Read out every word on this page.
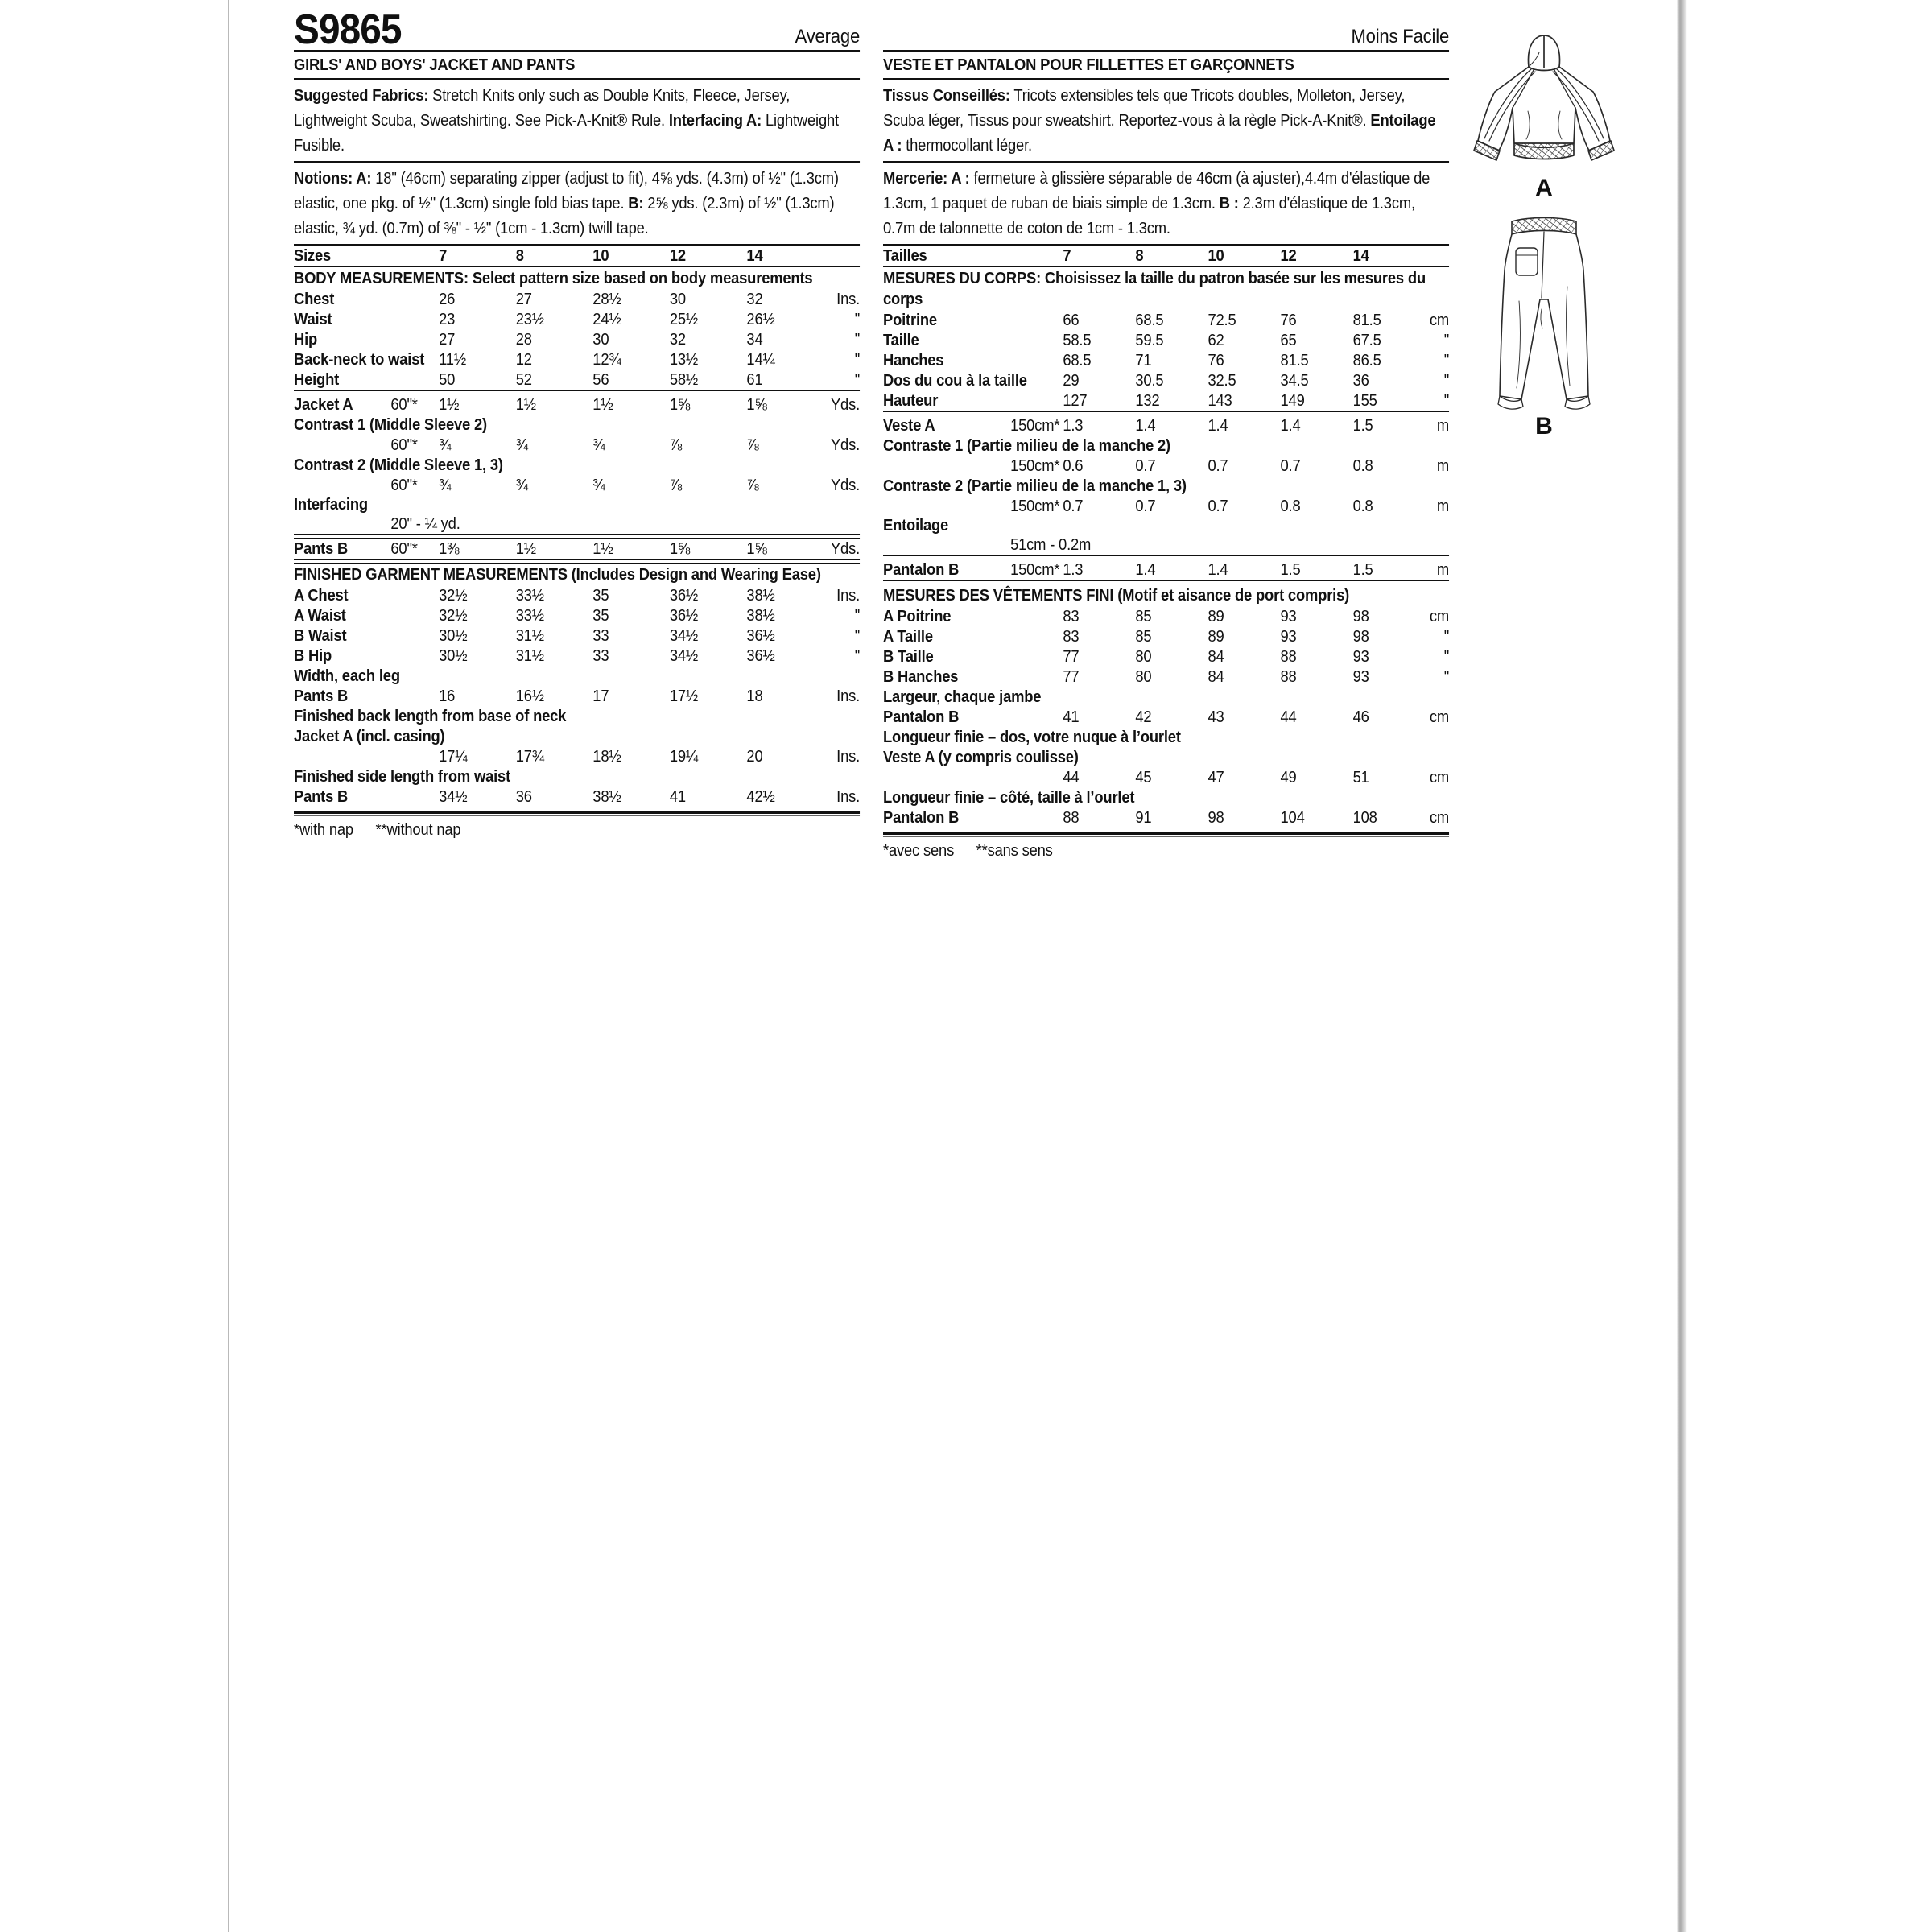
S9865	Average
GIRLS' AND BOYS' JACKET AND PANTS
Suggested Fabrics: Stretch Knits only such as Double Knits, Fleece, Jersey, Lightweight Scuba, Sweatshirting. See Pick-A-Knit® Rule. Interfacing A: Lightweight Fusible.
Notions: A: 18" (46cm) separating zipper (adjust to fit), 4⅝ yds. (4.3m) of ½" (1.3cm) elastic, one pkg. of ½" (1.3cm) single fold bias tape. B: 2⅝ yds. (2.3m) of ½" (1.3cm) elastic, ¾ yd. (0.7m) of ⅜" - ½" (1cm - 1.3cm) twill tape.
Sizes	7	8	10	12	14
BODY MEASUREMENTS: Select pattern size based on body measurements
Chest	26	27	28½	30	32	Ins.
Waist	23	23½	24½	25½	26½	"
Hip	27	28	30	32	34	"
Back-neck to waist 11½	12	12¾	13½	14¼	"
Height	50	52	56	58½	61	"
Jacket A	60"*	1½	1½	1½	1⅝	1⅝	Yds.
Contrast 1 (Middle Sleeve 2)
60"*	¾	¾	¾	⅞	⅞	Yds.
Contrast 2 (Middle Sleeve 1, 3)
60"*	¾	¾	¾	⅞	⅞	Yds.
Interfacing
20" - ¼ yd.
Pants B	60"*	1⅜	1½	1½	1⅝	1⅝	Yds.
FINISHED GARMENT MEASUREMENTS (Includes Design and Wearing Ease)
A Chest	32½	33½	35	36½	38½	Ins.
A Waist	32½	33½	35	36½	38½	"
B Waist	30½	31½	33	34½	36½	"
B Hip	30½	31½	33	34½	36½	"
Width, each leg
Pants B	16	16½	17	17½	18	Ins.
Finished back length from base of neck
Jacket A (incl. casing)
17¼	17¾	18½	19¼	20	Ins.
Finished side length from waist
Pants B	34½	36	38½	41	42½	Ins.
*with nap **without nap
Moins Facile
VESTE ET PANTALON POUR FILLETTES ET GARÇONNETS
Tissus Conseillés: Tricots extensibles tels que Tricots doubles, Molleton, Jersey, Scuba léger, Tissus pour sweatshirt. Reportez-vous à la règle Pick-A-Knit®. Entoilage A : thermocollant léger.
Mercerie: A : fermeture à glissière séparable de 46cm (à ajuster),4.4m d'élastique de 1.3cm, 1 paquet de ruban de biais simple de 1.3cm. B : 2.3m d'élastique de 1.3cm, 0.7m de talonnette de coton de 1cm - 1.3cm.
Tailles	7	8	10	12	14
MESURES DU CORPS: Choisissez la taille du patron basée sur les mesures du corps
Poitrine	66	68.5	72.5	76	81.5	cm
Taille	58.5	59.5	62	65	67.5	"
Hanches	68.5	71	76	81.5	86.5	"
Dos du cou à la taille	29	30.5	32.5	34.5	36	"
Hauteur	127	132	143	149	155	"
Veste A	150cm* 1.3	1.4	1.4	1.4	1.5	m
Contraste 1 (Partie milieu de la manche 2)
150cm* 0.6	0.7	0.7	0.7	0.8	m
Contraste 2 (Partie milieu de la manche 1, 3)
150cm* 0.7	0.7	0.7	0.8	0.8	m
Entoilage
51cm - 0.2m
Pantalon B	150cm* 1.3	1.4	1.4	1.5	1.5	m
MESURES DES VÊTEMENTS FINI (Motif et aisance de port compris)
A Poitrine	83	85	89	93	98	cm
A Taille	83	85	89	93	98	"
B Taille	77	80	84	88	93	"
B Hanches	77	80	84	88	93	"
Largeur, chaque jambe
Pantalon B	41	42	43	44	46	cm
Longueur finie – dos, votre nuque à l’ourlet
Veste A (y compris coulisse)
44	45	47	49	51	cm
Longueur finie – côté, taille à l’ourlet
Pantalon B	88	91	98	104	108	cm
*avec sens **sans sens
A
B
